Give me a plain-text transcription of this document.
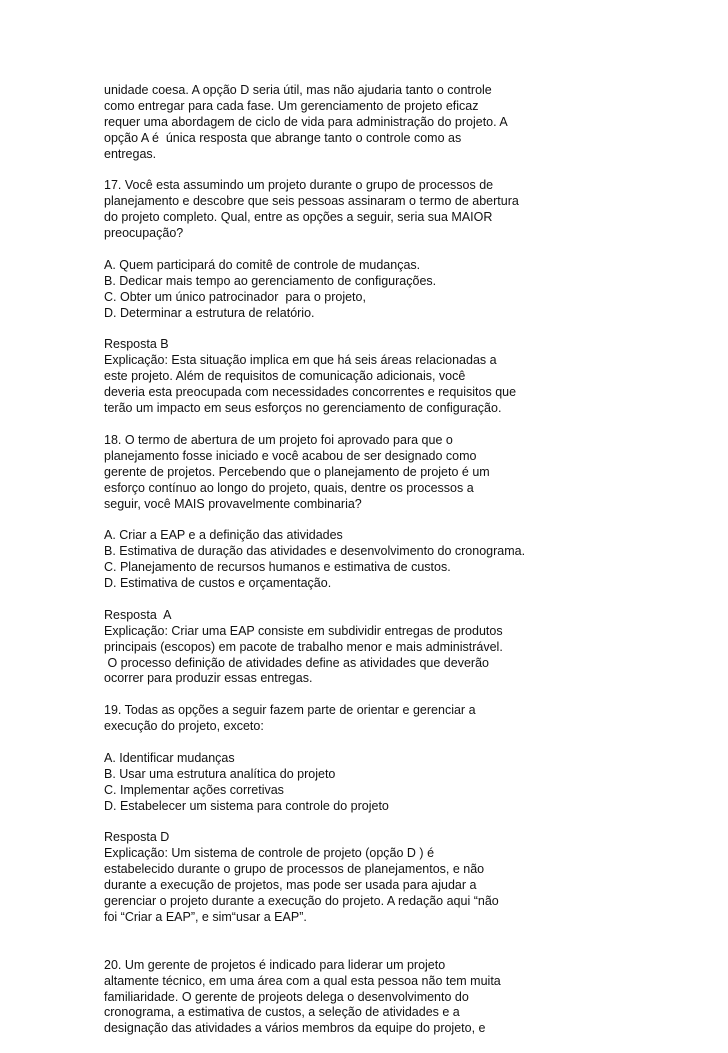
unidade coesa. A opção D seria útil, mas não ajudaria tanto o controle
como entregar para cada fase. Um gerenciamento de projeto eficaz
requer uma abordagem de ciclo de vida para administração do projeto. A
opção A é  única resposta que abrange tanto o controle como as
entregas.
17. Você esta assumindo um projeto durante o grupo de processos de
planejamento e descobre que seis pessoas assinaram o termo de abertura
do projeto completo. Qual, entre as opções a seguir, seria sua MAIOR
preocupação?
A. Quem participará do comitê de controle de mudanças.
B. Dedicar mais tempo ao gerenciamento de configurações.
C. Obter um único patrocinador  para o projeto,
D. Determinar a estrutura de relatório.
Resposta B
Explicação: Esta situação implica em que há seis áreas relacionadas a
este projeto. Além de requisitos de comunicação adicionais, você
deveria esta preocupada com necessidades concorrentes e requisitos que
terão um impacto em seus esforços no gerenciamento de configuração.
18. O termo de abertura de um projeto foi aprovado para que o
planejamento fosse iniciado e você acabou de ser designado como
gerente de projetos. Percebendo que o planejamento de projeto é um
esforço contínuo ao longo do projeto, quais, dentre os processos a
seguir, você MAIS provavelmente combinaria?
A. Criar a EAP e a definição das atividades
B. Estimativa de duração das atividades e desenvolvimento do cronograma.
C. Planejamento de recursos humanos e estimativa de custos.
D. Estimativa de custos e orçamentação.
Resposta  A
Explicação: Criar uma EAP consiste em subdividir entregas de produtos
principais (escopos) em pacote de trabalho menor e mais administrável.
O processo definição de atividades define as atividades que deverão
ocorrer para produzir essas entregas.
19. Todas as opções a seguir fazem parte de orientar e gerenciar a
execução do projeto, exceto:
A. Identificar mudanças
B. Usar uma estrutura analítica do projeto
C. Implementar ações corretivas
D. Estabelecer um sistema para controle do projeto
Resposta D
Explicação: Um sistema de controle de projeto (opção D ) é
estabelecido durante o grupo de processos de planejamentos, e não
durante a execução de projetos, mas pode ser usada para ajudar a
gerenciar o projeto durante a execução do projeto. A redação aqui “não
foi “Criar a EAP”, e sim“usar a EAP”.
20. Um gerente de projetos é indicado para liderar um projeto
altamente técnico, em uma área com a qual esta pessoa não tem muita
familiaridade. O gerente de projeots delega o desenvolvimento do
cronograma, a estimativa de custos, a seleção de atividades e a
designação das atividades a vários membros da equipe do projeto, e
